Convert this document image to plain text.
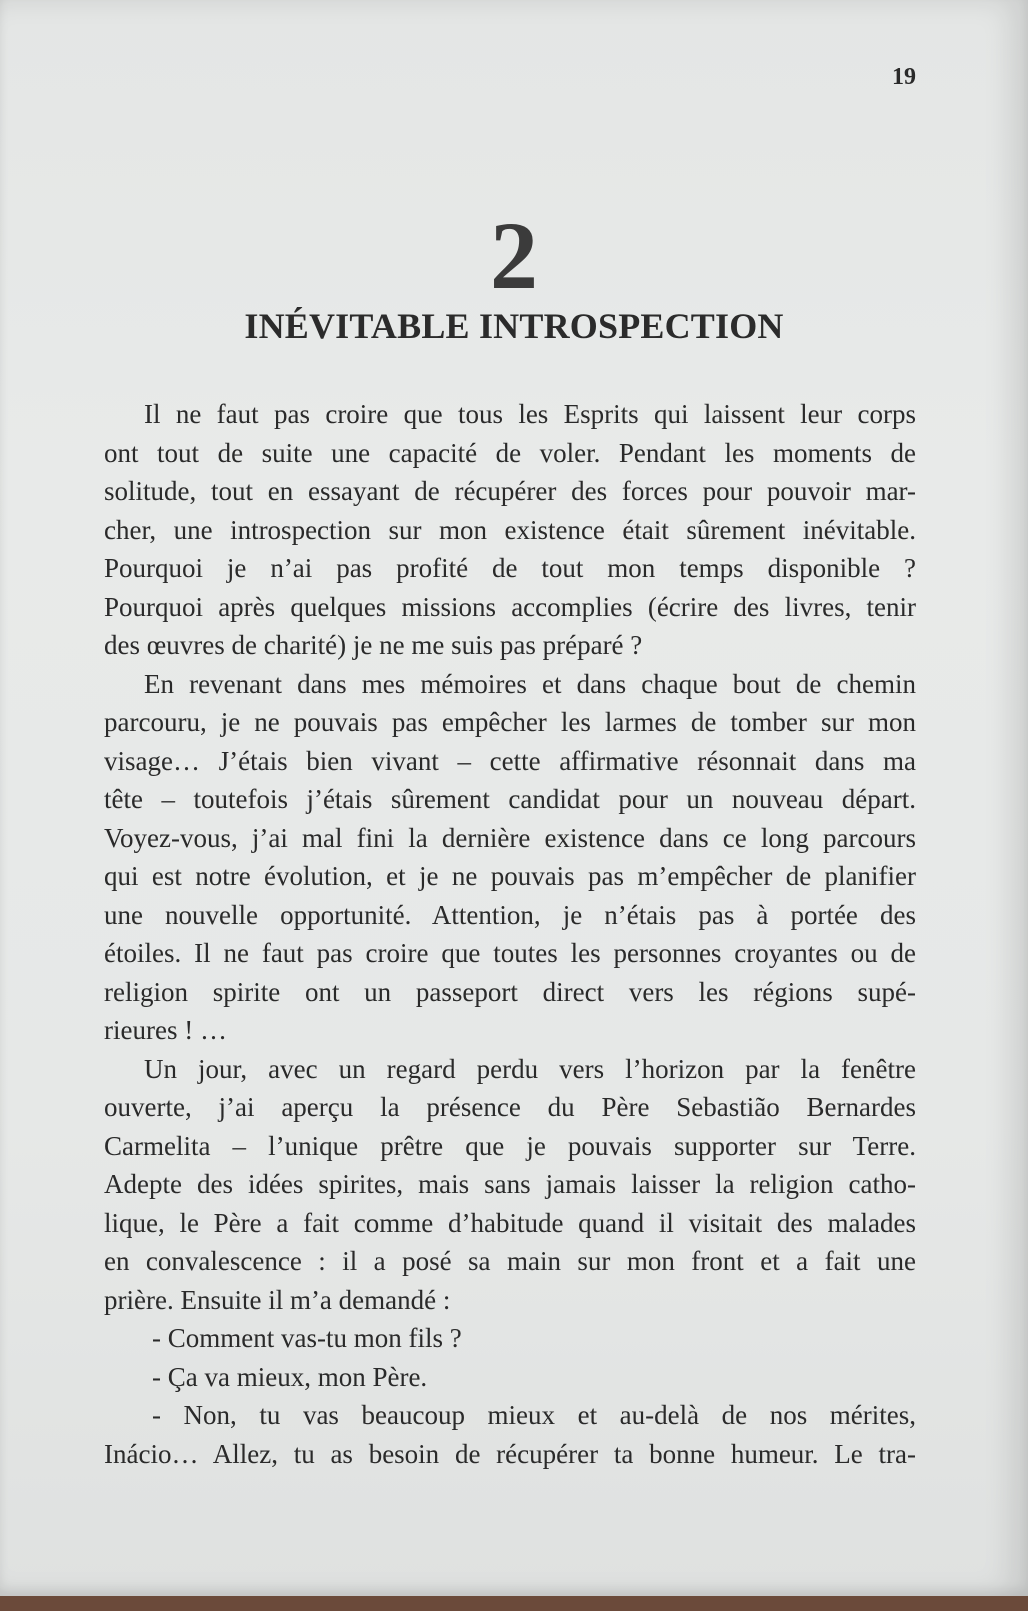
19
2
INÉVITABLE INTROSPECTION
Il ne faut pas croire que tous les Esprits qui laissent leur corps
ont tout de suite une capacité de voler. Pendant les moments de
solitude, tout en essayant de récupérer des forces pour pouvoir mar-
cher, une introspection sur mon existence était sûrement inévitable.
Pourquoi je n’ai pas profité de tout mon temps disponible ?
Pourquoi après quelques missions accomplies (écrire des livres, tenir
des œuvres de charité) je ne me suis pas préparé ?
En revenant dans mes mémoires et dans chaque bout de chemin
parcouru, je ne pouvais pas empêcher les larmes de tomber sur mon
visage… J’étais bien vivant – cette affirmative résonnait dans ma
tête – toutefois j’étais sûrement candidat pour un nouveau départ.
Voyez-vous, j’ai mal fini la dernière existence dans ce long parcours
qui est notre évolution, et je ne pouvais pas m’empêcher de planifier
une nouvelle opportunité. Attention, je n’étais pas à portée des
étoiles. Il ne faut pas croire que toutes les personnes croyantes ou de
religion spirite ont un passeport direct vers les régions supé-
rieures ! …
Un jour, avec un regard perdu vers l’horizon par la fenêtre
ouverte, j’ai aperçu la présence du Père Sebastião Bernardes
Carmelita – l’unique prêtre que je pouvais supporter sur Terre.
Adepte des idées spirites, mais sans jamais laisser la religion catho-
lique, le Père a fait comme d’habitude quand il visitait des malades
en convalescence : il a posé sa main sur mon front et a fait une
prière. Ensuite il m’a demandé :
- Comment vas-tu mon fils ?
- Ça va mieux, mon Père.
- Non, tu vas beaucoup mieux et au-delà de nos mérites,
Inácio… Allez, tu as besoin de récupérer ta bonne humeur. Le tra-
